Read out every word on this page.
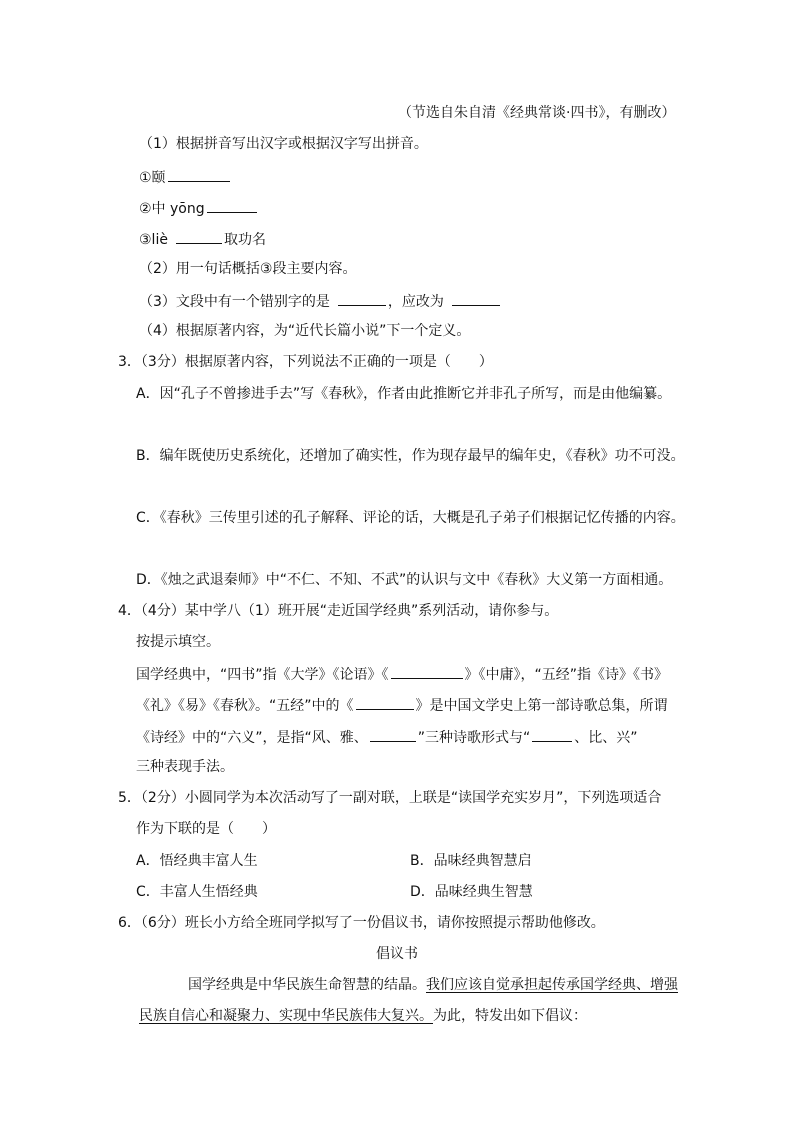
（节选自朱自清《经典常谈·四书》，有删改）
（1）根据拼音写出汉字或根据汉字写出拼音。
①颐
②中 yōng
③liè	取功名
（2）用一句话概括③段主要内容。
（3）文段中有一个错别字的是	，应改为
（4）根据原著内容，为“近代长篇小说”下一个定义。
3．（3分）根据原著内容，下列说法不正确的一项是（　　）
A．因“孔子不曾掺进手去”写《春秋》，作者由此推断它并非孔子所写，而是由他编纂。
B．编年既使历史系统化，还增加了确实性，作为现存最早的编年史，《春秋》功不可没。
C．《春秋》三传里引述的孔子解释、评论的话，大概是孔子弟子们根据记忆传播的内容。
D．《烛之武退秦师》中“不仁、不知、不武”的认识与文中《春秋》大义第一方面相通。
4．（4分）某中学八（1）班开展“走近国学经典”系列活动，请你参与。
按提示填空。
国学经典中，“四书”指《大学》《论语》《	》《中庸》，“五经”指《诗》《书》
《礼》《易》《春秋》。“五经”中的《	》是中国文学史上第一部诗歌总集，所谓
《诗经》中的“六义”，是指“风、雅、	”三种诗歌形式与“	、比、兴”
三种表现手法。
5．（2分）小圆同学为本次活动写了一副对联，上联是“读国学充实岁月”，下列选项适合
作为下联的是（　　）
A．悟经典丰富人生	B．品味经典智慧启
C．丰富人生悟经典	D．品味经典生智慧
6．（6分）班长小方给全班同学拟写了一份倡议书，请你按照提示帮助他修改。
倡议书
国学经典是中华民族生命智慧的结晶。我们应该自觉承担起传承国学经典、增强
民族自信心和凝聚力、实现中华民族伟大复兴。为此，特发出如下倡议：
